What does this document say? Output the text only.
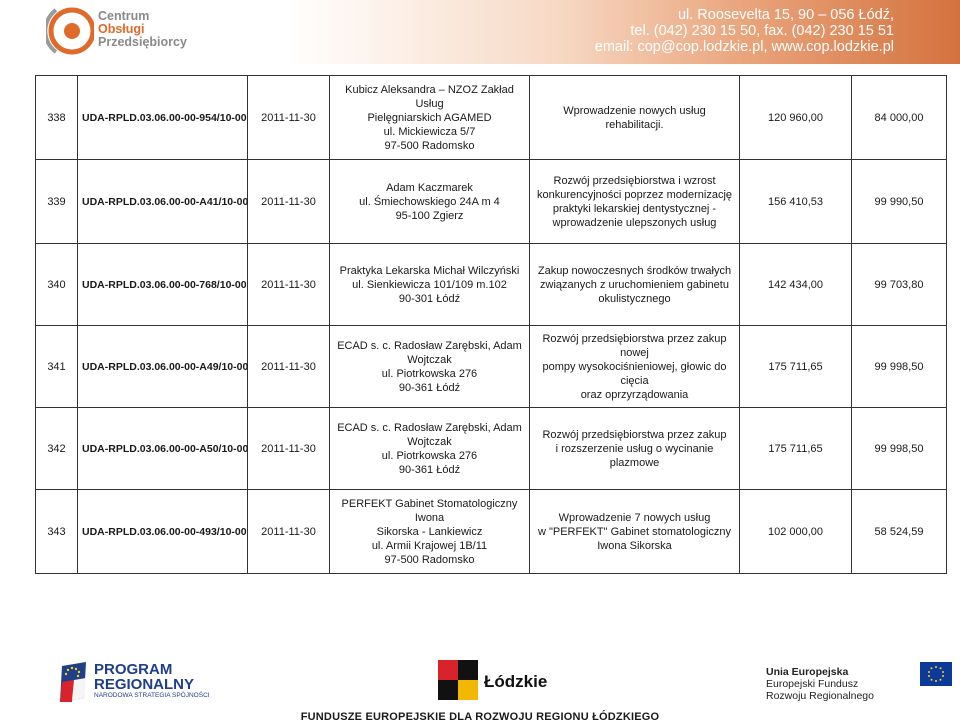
Centrum
Obsługi
Przedsiębiorcy
ul. Roosevelta 15, 90 – 056 Łódź,
tel. (042) 230 15 50, fax. (042) 230 15 51
email: cop@cop.lodzkie.pl, www.cop.lodzkie.pl
338	UDA-RPLD.03.06.00-00-954/10-00	2011-11-30	Kubicz Aleksandra – NZOZ Zakład Usług
Pielęgniarskich AGAMED
ul. Mickiewicza 5/7
97-500 Radomsko	Wprowadzenie nowych usług rehabilitacji.	120 960,00	84 000,00
339	UDA-RPLD.03.06.00-00-A41/10-00	2011-11-30	Adam Kaczmarek
ul. Śmiechowskiego 24A m 4
95-100 Zgierz	Rozwój przedsiębiorstwa i wzrost
konkurencyjności poprzez modernizację
praktyki lekarskiej dentystycznej -
wprowadzenie ulepszonych usług	156 410,53	99 990,50
340	UDA-RPLD.03.06.00-00-768/10-00	2011-11-30	Praktyka Lekarska Michał Wilczyński
ul. Sienkiewicza 101/109 m.102
90-301 Łódź	Zakup nowoczesnych środków trwałych
związanych z uruchomieniem gabinetu
okulistycznego	142 434,00	99 703,80
341	UDA-RPLD.03.06.00-00-A49/10-00	2011-11-30	ECAD s. c. Radosław Zarębski, Adam
Wojtczak
ul. Piotrkowska 276
90-361 Łódź	Rozwój przedsiębiorstwa przez zakup nowej
pompy wysokociśnieniowej, głowic do cięcia
oraz oprzyrządowania	175 711,65	99 998,50
342	UDA-RPLD.03.06.00-00-A50/10-00	2011-11-30	ECAD s. c. Radosław Zarębski, Adam
Wojtczak
ul. Piotrkowska 276
90-361 Łódź	Rozwój przedsiębiorstwa przez zakup
i rozszerzenie usług o wycinanie plazmowe	175 711,65	99 998,50
343	UDA-RPLD.03.06.00-00-493/10-00	2011-11-30	PERFEKT Gabinet Stomatologiczny Iwona
Sikorska - Lankiewicz
ul. Armii Krajowej 1B/11
97-500 Radomsko	Wprowadzenie 7 nowych usług
w "PERFEKT" Gabinet stomatologiczny
Iwona Sikorska	102 000,00	58 524,59
PROGRAM
REGIONALNY
NARODOWA STRATEGIA SPÓJNOŚCI
Łódzkie	Unia Europejska
Europejski Fundusz
Rozwoju Regionalnego
FUNDUSZE EUROPEJSKIE DLA ROZWOJU REGIONU ŁÓDZKIEGO
